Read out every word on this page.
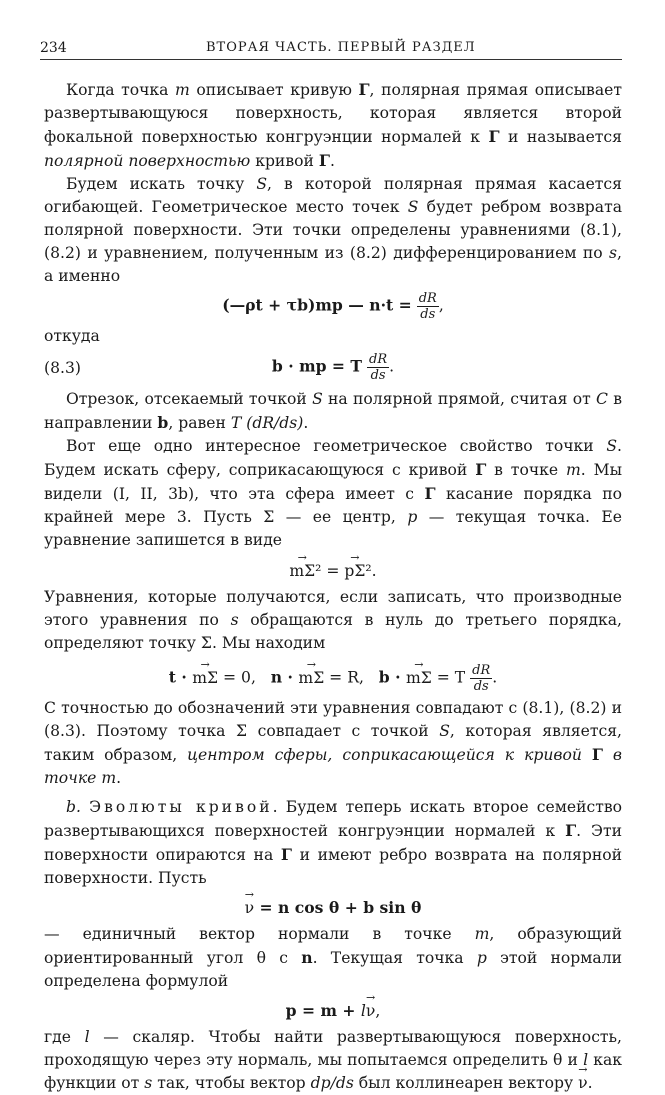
234	ВТОРАЯ ЧАСТЬ. ПЕРВЫЙ РАЗДЕЛ

Когда точка m описывает кривую Γ, полярная прямая описывает развертывающуюся поверхность, которая является второй фокальной поверхностью конгруэнции нормалей к Γ и называется полярной поверхностью кривой Γ.

Будем искать точку S, в которой полярная прямая касается огибающей. Геометрическое место точек S будет ребром возврата полярной поверхности. Эти точки определены уравнениями (8.1), (8.2) и уравнением, полученным из (8.2) дифференцированием по s, а именно

(—ρt + τb)mp — $n\cdot t = \frac{dR}{ds}$ ,

откуда

(8.3)	b · mp = T $\frac{dR}{ds}$ .

Отрезок, отсекаемый точкой S на полярной прямой, считая от C в направлении b, равен T (dR/ds).

Вот еще одно интересное геометрическое свойство точки S. Будем искать сферу, соприкасающуюся с кривой Γ в точке m. Мы видели (I, II, 3b), что эта сфера имеет с Γ касание порядка по крайней мере 3. Пусть Σ — ее центр, p — текущая точка. Ее уравнение запишется в виде

→ mΣ² = → pΣ².

Уравнения, которые получаются, если записать, что производные этого уравнения по s обращаются в нуль до третьего порядка, определяют точку Σ. Мы находим

t · → mΣ = 0, n · → mΣ = R, b · → mΣ = T $\frac{dR}{ds}$ .

С точностью до обозначений эти уравнения совпадают с (8.1), (8.2) и (8.3). Поэтому точка Σ совпадает с точкой S, которая является, таким образом, центром сферы, соприкасающейся к кривой Γ в точке m.

b. Эволюты кривой. Будем теперь искать второе семейство развертывающихся поверхностей конгруэнции нормалей к Γ. Эти поверхности опираются на Γ и имеют ребро возврата на полярной поверхности. Пусть

→ ν = n cos θ + b sin θ

— единичный вектор нормали в точке m, образующий ориентированный угол θ с n. Текущая точка p этой нормали определена формулой

p = m + l→ ν,

где l — скаляр. Чтобы найти развертывающуюся поверхность, проходящую через эту нормаль, мы попытаемся определить θ и l как функции от s так, чтобы вектор dp/ds был коллинеарен вектору → ν.
